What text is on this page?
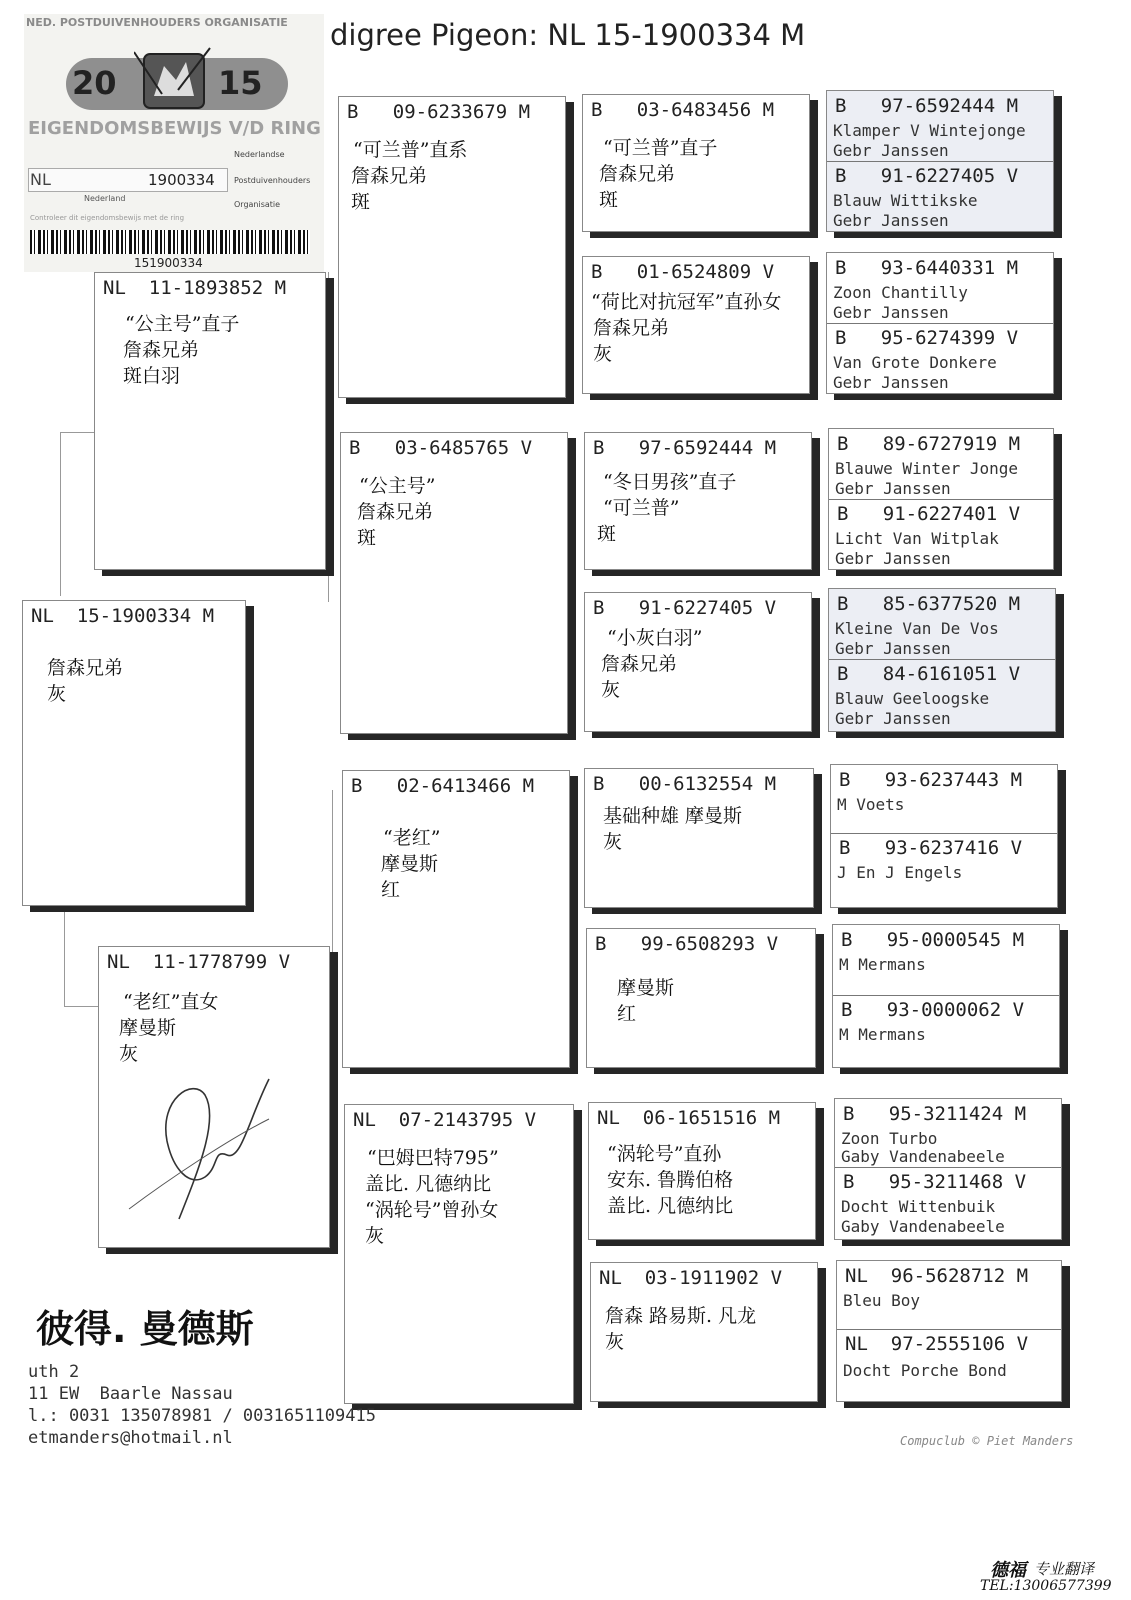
digree Pigeon: NL 15-1900334 M
NED. POSTDUIVENHOUDERS ORGANISATIE
20	15
EIGENDOMSBEWIJS V/D RING
NL	1900334
Nederland
Nederlandse
Postduivenhouders
Organisatie
Controleer dit eigendomsbewijs met de ring
151900334
NL  15-1900334 M
詹森兄弟
灰
NL  11-1893852 M
“公主号”直子
詹森兄弟
斑白羽
NL  11-1778799 V
“老红”直女
摩曼斯
灰
B   09-6233679 M
“可兰普”直系
詹森兄弟
斑
B   03-6485765 V
“公主号”
詹森兄弟
斑
B   02-6413466 M
“老红”
摩曼斯
红
NL  07-2143795 V
“巴姆巴特795”
盖比. 凡德纳比
“涡轮号”曾孙女
灰
B   03-6483456 M
“可兰普”直子
詹森兄弟
斑
B   01-6524809 V
“荷比对抗冠军”直孙女
詹森兄弟
灰
B   97-6592444 M
“冬日男孩”直子
“可兰普”
斑
B   91-6227405 V
“小灰白羽”
詹森兄弟
灰
B   00-6132554 M
基础种雄 摩曼斯
灰
B   99-6508293 V
摩曼斯
红
NL  06-1651516 M
“涡轮号”直孙
安东. 鲁腾伯格
盖比. 凡德纳比
NL  03-1911902 V
詹森 路易斯. 凡龙
灰
B   97-6592444 M
Klamper V Wintejonge
Gebr Janssen
B   91-6227405 V
Blauw Wittikske
Gebr Janssen
B   93-6440331 M
Zoon Chantilly
Gebr Janssen
B   95-6274399 V
Van Grote Donkere
Gebr Janssen
B   89-6727919 M
Blauwe Winter Jonge
Gebr Janssen
B   91-6227401 V
Licht Van Witplak
Gebr Janssen
B   85-6377520 M
Kleine Van De Vos
Gebr Janssen
B   84-6161051 V
Blauw Geeloogske
Gebr Janssen
B   93-6237443 M
M Voets
B   93-6237416 V
J En J Engels
B   95-0000545 M
M Mermans
B   93-0000062 V
M Mermans
B   95-3211424 M
Zoon Turbo
Gaby Vandenabeele
B   95-3211468 V
Docht Wittenbuik
Gaby Vandenabeele
NL  96-5628712 M
Bleu Boy
NL  97-2555106 V
Docht Porche Bond
彼得. 曼德斯
uth 2
11 EW  Baarle Nassau
l.: 0031 135078981 / 0031651109415
etmanders@hotmail.nl	Compuclub © Piet Manders
德福 专业翻译
TEL:13006577399
